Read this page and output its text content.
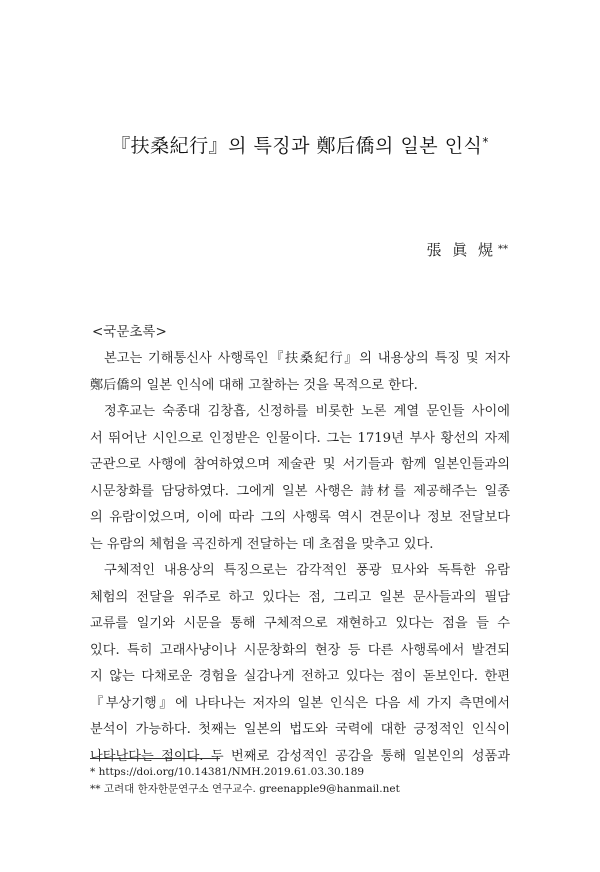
『扶桑紀行』의 특징과 鄭后僑의 일본 인식*
張 眞 熀 **
<국문초록>
본고는 기해통신사 사행록인『扶桑紀行』의 내용상의 특징 및 저자
鄭后僑의 일본 인식에 대해 고찰하는 것을 목적으로 한다.
정후교는 숙종대 김창흡, 신정하를 비롯한 노론 계열 문인들 사이에
서 뛰어난 시인으로 인정받은 인물이다. 그는 1719년 부사 황선의 자제
군관으로 사행에 참여하였으며 제술관 및 서기들과 함께 일본인들과의
시문창화를 담당하였다. 그에게 일본 사행은 詩材를 제공해주는 일종
의 유람이었으며, 이에 따라 그의 사행록 역시 견문이나 정보 전달보다
는 유람의 체험을 곡진하게 전달하는 데 초점을 맞추고 있다.
구체적인 내용상의 특징으로는 감각적인 풍광 묘사와 독특한 유람
체험의 전달을 위주로 하고 있다는 점, 그리고 일본 문사들과의 필담
교류를 일기와 시문을 통해 구체적으로 재현하고 있다는 점을 들 수
있다. 특히 고래사냥이나 시문창화의 현장 등 다른 사행록에서 발견되
지 않는 다채로운 경험을 실감나게 전하고 있다는 점이 돋보인다. 한편
『부상기행』에 나타나는 저자의 일본 인식은 다음 세 가지 측면에서
분석이 가능하다. 첫째는 일본의 법도와 국력에 대한 긍정적인 인식이
나타난다는 점이다. 두 번째로 감성적인 공감을 통해 일본인의 성품과
* https://doi.org/10.14381/NMH.2019.61.03.30.189
** 고려대 한자한문연구소 연구교수. greenapple9@hanmail.net
